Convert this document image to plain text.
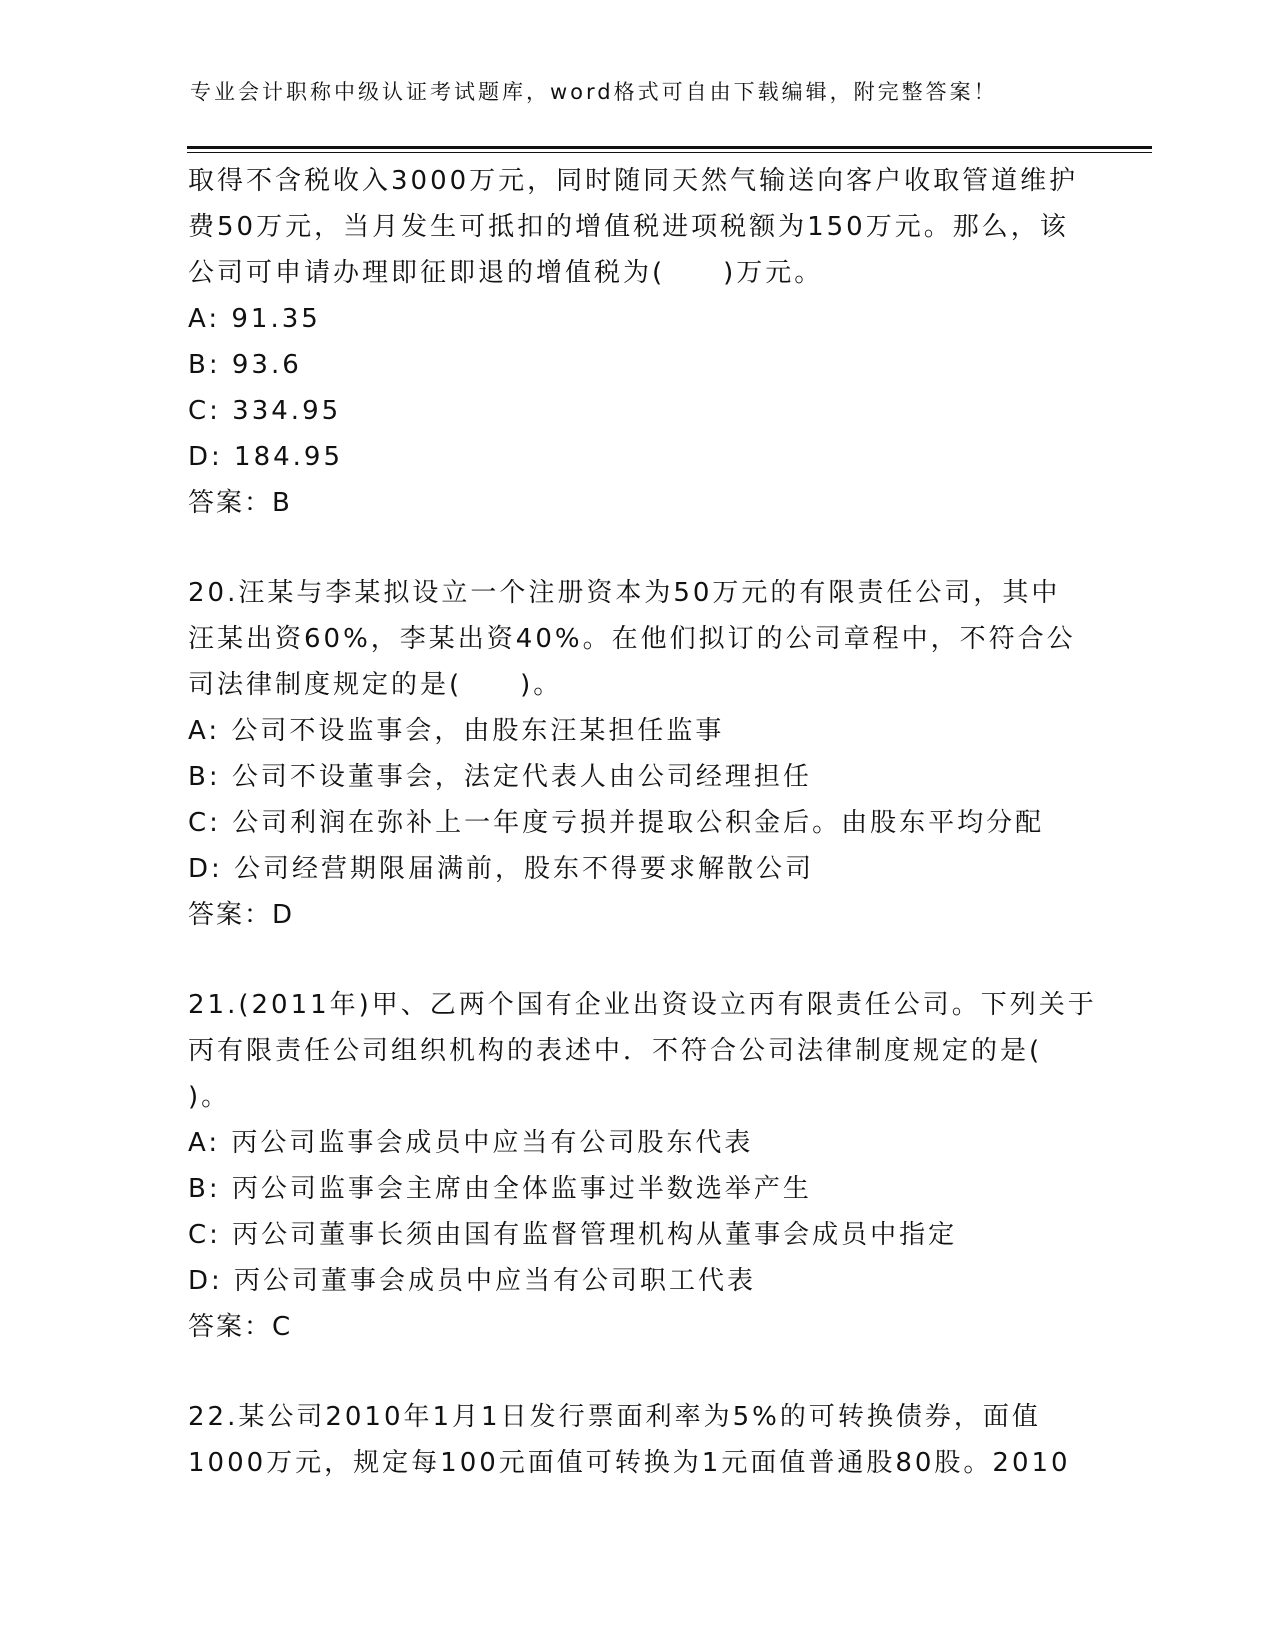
专业会计职称中级认证考试题库，word格式可自由下载编辑，附完整答案！
取得不含税收入3000万元，同时随同天然气输送向客户收取管道维护
费50万元，当月发生可抵扣的增值税进项税额为150万元。那么，该
公司可申请办理即征即退的增值税为(　　)万元。
A: 91.35
B: 93.6
C: 334.95
D: 184.95
答案：B
20.汪某与李某拟设立一个注册资本为50万元的有限责任公司，其中
汪某出资60%，李某出资40%。在他们拟订的公司章程中，不符合公
司法律制度规定的是(　　)。
A: 公司不设监事会，由股东汪某担任监事
B: 公司不设董事会，法定代表人由公司经理担任
C: 公司利润在弥补上一年度亏损并提取公积金后。由股东平均分配
D: 公司经营期限届满前，股东不得要求解散公司
答案：D
21.(2011年)甲、乙两个国有企业出资设立丙有限责任公司。下列关于
丙有限责任公司组织机构的表述中．不符合公司法律制度规定的是(
)。
A: 丙公司监事会成员中应当有公司股东代表
B: 丙公司监事会主席由全体监事过半数选举产生
C: 丙公司董事长须由国有监督管理机构从董事会成员中指定
D: 丙公司董事会成员中应当有公司职工代表
答案：C
22.某公司2010年1月1日发行票面利率为5%的可转换债券，面值
1000万元，规定每100元面值可转换为1元面值普通股80股。2010
